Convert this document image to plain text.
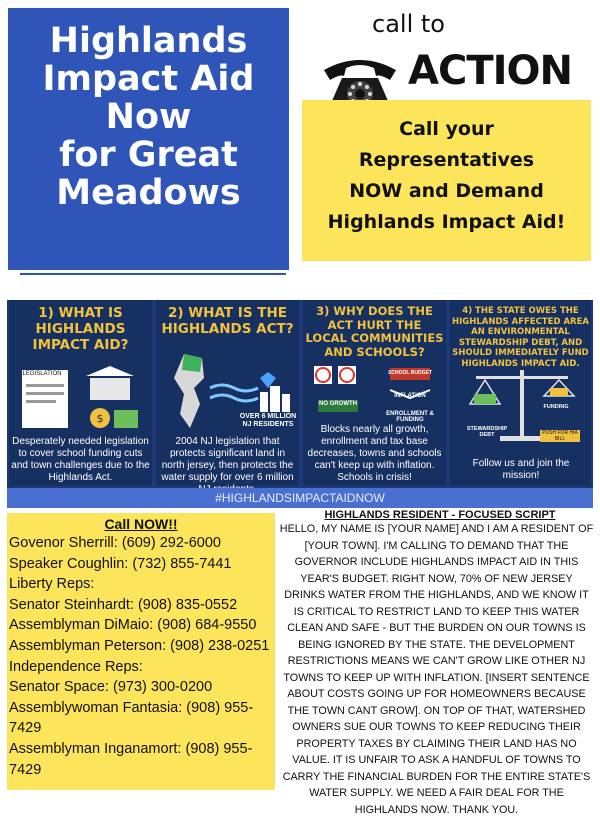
Highlands
Impact Aid
Now
for Great
Meadows
call to
ACTION
Call your
Representatives
NOW and Demand
Highlands Impact Aid!
1) WHAT IS HIGHLANDS IMPACT AID?
$
LEGISLATION
Desperately needed legislation to cover school funding cuts and town challenges due to the Highlands Act.
2) WHAT IS THE HIGHLANDS ACT?
OVER 6 MILLION NJ RESIDENTS
2004 NJ legislation that protects significant land in north jersey, then protects the water supply for over 6 million
3) WHY DOES THE ACT HURT THE LOCAL COMMUNITIES AND SCHOOLS?
NO GROWTH
INFLATION
ENROLLMENT & FUNDING
SCHOOL BUDGET
Blocks nearly all growth, enrollment and tax base decreases, towns and schools can't keep up with inflation. Schools in crisis!
4) THE STATE OWES THE HIGHLANDS AFFECTED AREA AN ENVIRONMENTAL STEWARDSHIP DEBT, AND SHOULD IMMEDIATELY FUND HIGHLANDS IMPACT AID.
STEWARDSHIP DEBT
FUNDING
PUSH FOR HIA BILL
Follow us and join the mission!
#HIGHLANDSIMPACTAIDNOW
Call NOW!!
Govenor Sherrill: (609) 292-6000
Speaker Coughlin: (732) 855-7441
Liberty Reps:
Senator Steinhardt: (908) 835-0552
Assemblyman DiMaio: (908) 684-9550
Assemblyman Peterson: (908) 238-0251
Independence Reps:
Senator Space: (973) 300-0200
Assemblywoman Fantasia: (908) 955-
7429
Assemblyman Inganamort: (908) 955-
7429
HIGHLANDS RESIDENT - FOCUSED SCRIPT
HELLO, MY NAME IS [YOUR NAME] AND I AM A RESIDENT OF [YOUR TOWN]. I'M CALLING TO DEMAND THAT THE GOVERNOR INCLUDE HIGHLANDS IMPACT AID IN THIS YEAR'S BUDGET. RIGHT NOW, 70% OF NEW JERSEY DRINKS WATER FROM THE HIGHLANDS, AND WE KNOW IT IS CRITICAL TO RESTRICT LAND TO KEEP THIS WATER CLEAN AND SAFE - BUT THE BURDEN ON OUR TOWNS IS BEING IGNORED BY THE STATE. THE DEVELOPMENT RESTRICTIONS MEANS WE CAN'T GROW LIKE OTHER NJ TOWNS TO KEEP UP WITH INFLATION. [INSERT SENTENCE ABOUT COSTS GOING UP FOR HOMEOWNERS BECAUSE THE TOWN CANT GROW]. ON TOP OF THAT, WATERSHED OWNERS SUE OUR TOWNS TO KEEP REDUCING THEIR PROPERTY TAXES BY CLAIMING THEIR LAND HAS NO VALUE. IT IS UNFAIR TO ASK A HANDFUL OF TOWNS TO CARRY THE FINANCIAL BURDEN FOR THE ENTIRE STATE'S WATER SUPPLY. WE NEED A FAIR DEAL FOR THE HIGHLANDS NOW. THANK YOU.
